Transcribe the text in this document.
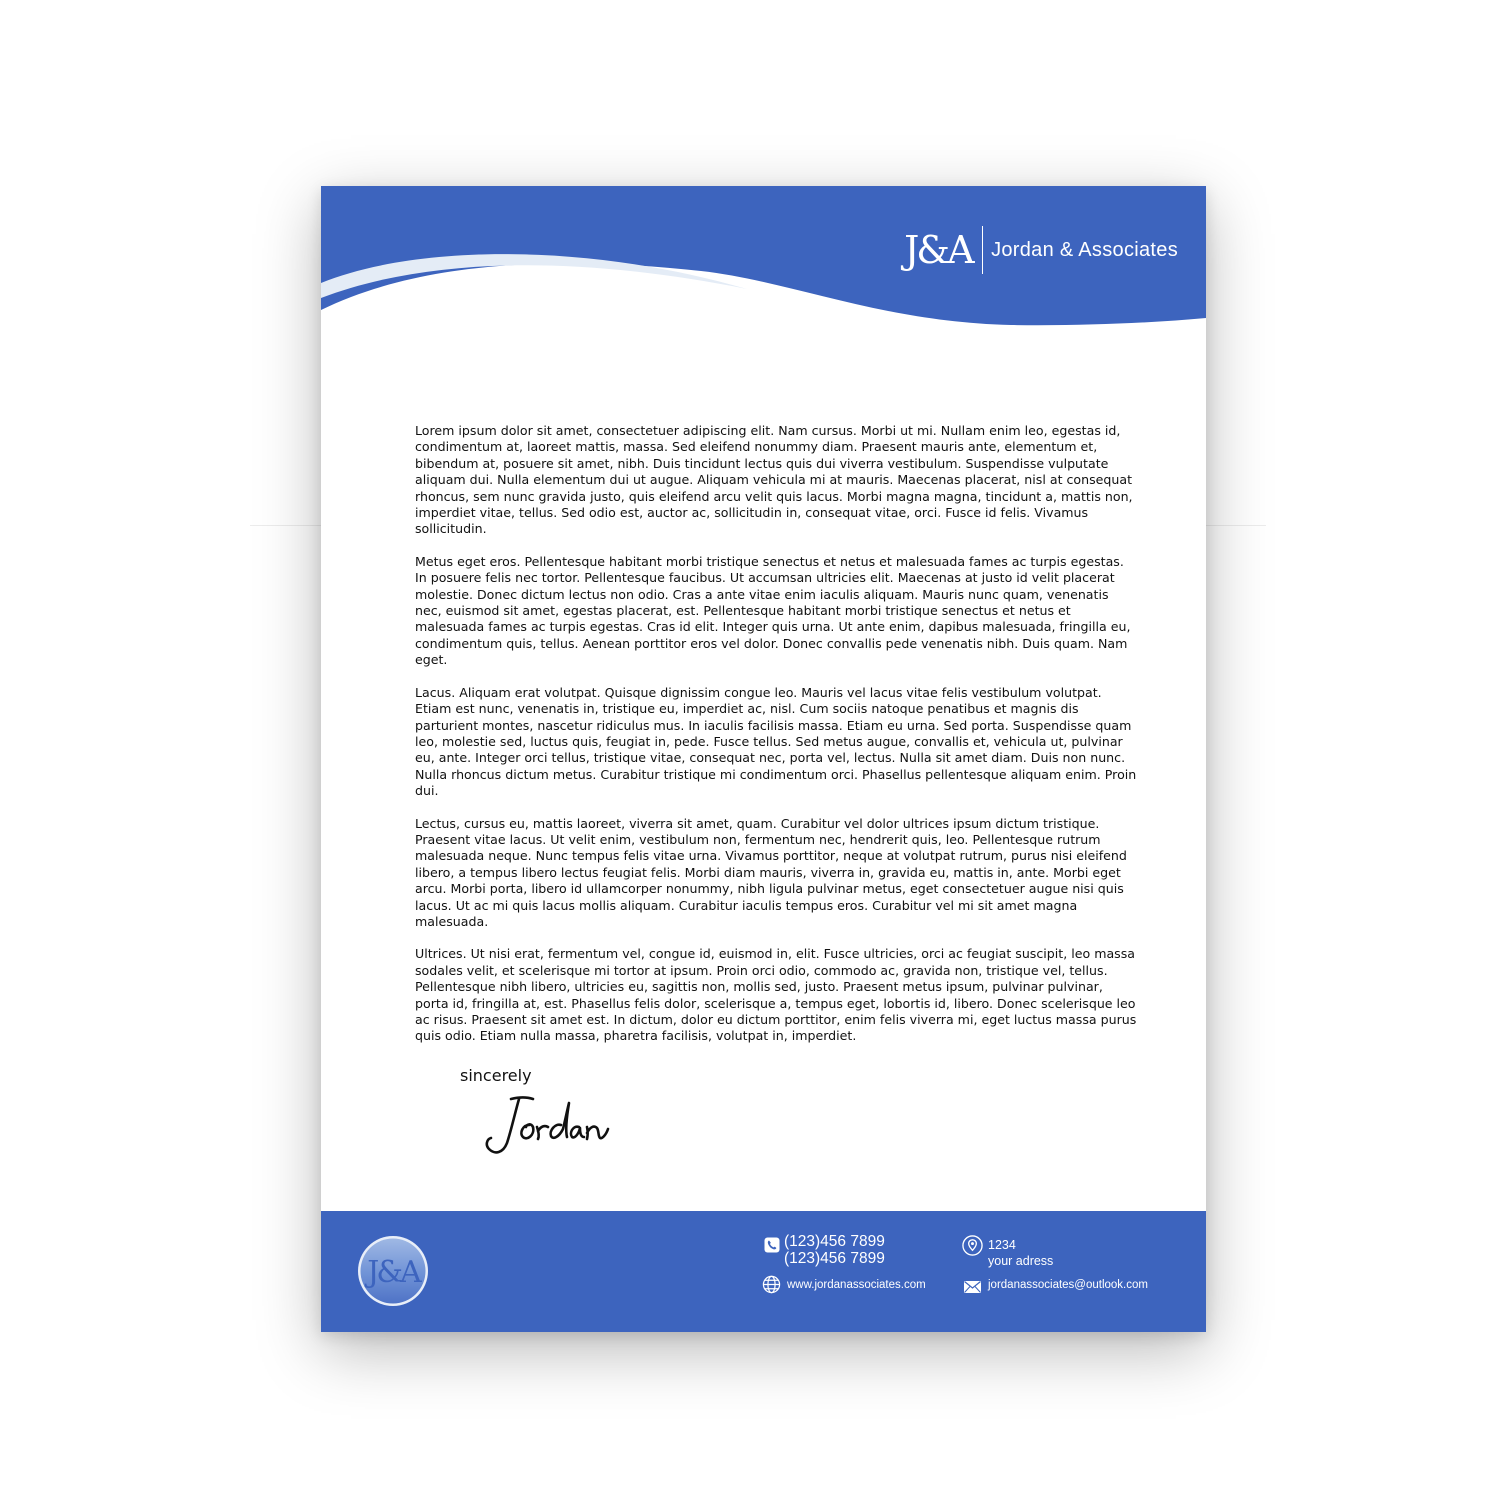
J&A Jordan & Associates

Lorem ipsum dolor sit amet, consectetuer adipiscing elit. Nam cursus. Morbi ut mi. Nullam enim leo, egestas id, condimentum at, laoreet mattis, massa. Sed eleifend nonummy diam. Praesent mauris ante, elementum et, bibendum at, posuere sit amet, nibh. Duis tincidunt lectus quis dui viverra vestibulum. Suspendisse vulputate aliquam dui. Nulla elementum dui ut augue. Aliquam vehicula mi at mauris. Maecenas placerat, nisl at consequat rhoncus, sem nunc gravida justo, quis eleifend arcu velit quis lacus. Morbi magna magna, tincidunt a, mattis non, imperdiet vitae, tellus. Sed odio est, auctor ac, sollicitudin in, consequat vitae, orci. Fusce id felis. Vivamus sollicitudin.

Metus eget eros. Pellentesque habitant morbi tristique senectus et netus et malesuada fames ac turpis egestas. In posuere felis nec tortor. Pellentesque faucibus. Ut accumsan ultricies elit. Maecenas at justo id velit placerat molestie. Donec dictum lectus non odio. Cras a ante vitae enim iaculis aliquam. Mauris nunc quam, venenatis nec, euismod sit amet, egestas placerat, est. Pellentesque habitant morbi tristique senectus et netus et malesuada fames ac turpis egestas. Cras id elit. Integer quis urna. Ut ante enim, dapibus malesuada, fringilla eu, condimentum quis, tellus. Aenean porttitor eros vel dolor. Donec convallis pede venenatis nibh. Duis quam. Nam eget.

Lacus. Aliquam erat volutpat. Quisque dignissim congue leo. Mauris vel lacus vitae felis vestibulum volutpat. Etiam est nunc, venenatis in, tristique eu, imperdiet ac, nisl. Cum sociis natoque penatibus et magnis dis parturient montes, nascetur ridiculus mus. In iaculis facilisis massa. Etiam eu urna. Sed porta. Suspendisse quam leo, molestie sed, luctus quis, feugiat in, pede. Fusce tellus. Sed metus augue, convallis et, vehicula ut, pulvinar eu, ante. Integer orci tellus, tristique vitae, consequat nec, porta vel, lectus. Nulla sit amet diam. Duis non nunc. Nulla rhoncus dictum metus. Curabitur tristique mi condimentum orci. Phasellus pellentesque aliquam enim. Proin dui.

Lectus, cursus eu, mattis laoreet, viverra sit amet, quam. Curabitur vel dolor ultrices ipsum dictum tristique. Praesent vitae lacus. Ut velit enim, vestibulum non, fermentum nec, hendrerit quis, leo. Pellentesque rutrum malesuada neque. Nunc tempus felis vitae urna. Vivamus porttitor, neque at volutpat rutrum, purus nisi eleifend libero, a tempus libero lectus feugiat felis. Morbi diam mauris, viverra in, gravida eu, mattis in, ante. Morbi eget arcu. Morbi porta, libero id ullamcorper nonummy, nibh ligula pulvinar metus, eget consectetuer augue nisi quis lacus. Ut ac mi quis lacus mollis aliquam. Curabitur iaculis tempus eros. Curabitur vel mi sit amet magna malesuada.

Ultrices. Ut nisi erat, fermentum vel, congue id, euismod in, elit. Fusce ultricies, orci ac feugiat suscipit, leo massa sodales velit, et scelerisque mi tortor at ipsum. Proin orci odio, commodo ac, gravida non, tristique vel, tellus. Pellentesque nibh libero, ultricies eu, sagittis non, mollis sed, justo. Praesent metus ipsum, pulvinar pulvinar, porta id, fringilla at, est. Phasellus felis dolor, scelerisque a, tempus eget, lobortis id, libero. Donec scelerisque leo ac risus. Praesent sit amet est. In dictum, dolor eu dictum porttitor, enim felis viverra mi, eget luctus massa purus quis odio. Etiam nulla massa, pharetra facilisis, volutpat in, imperdiet.

sincerely
J&A
(123)456 7899
(123)456 7899
www.jordanassociates.com
1234
your adress
jordanassociates@outlook.com
